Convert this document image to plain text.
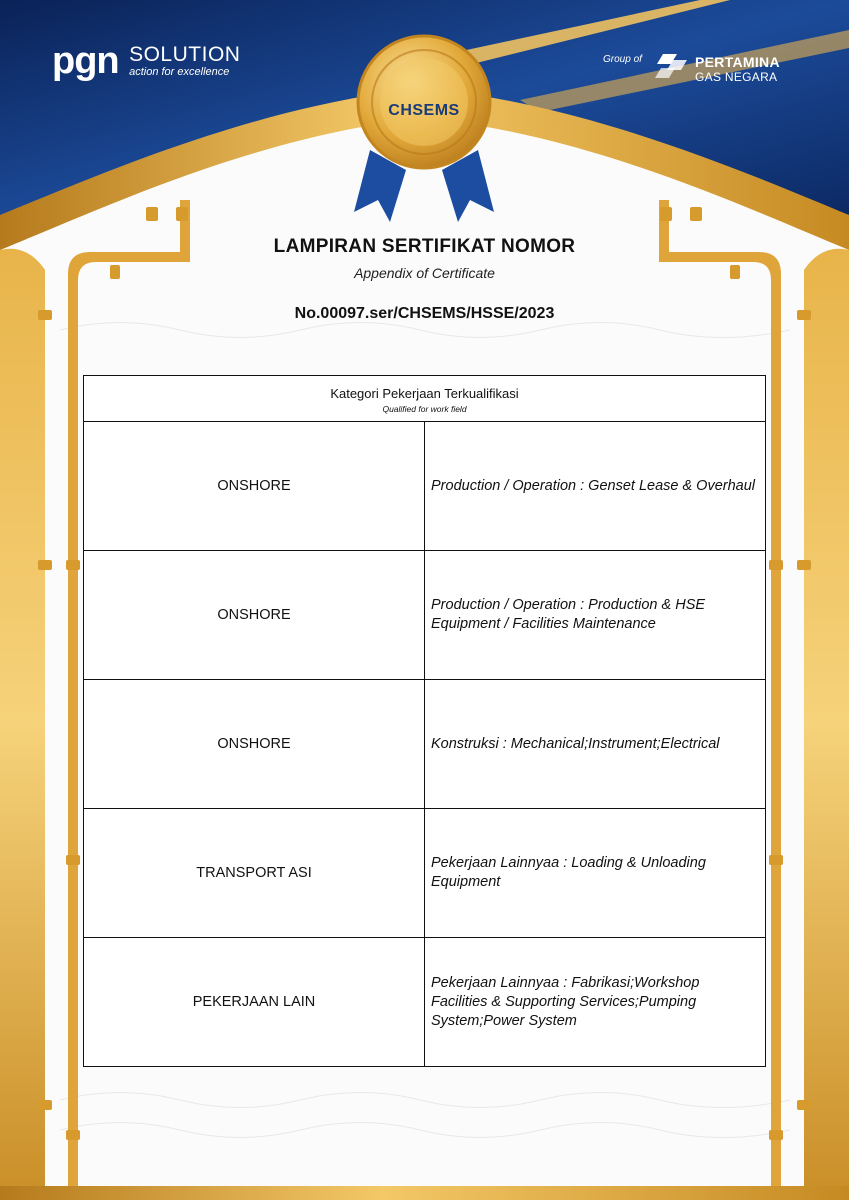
pgn SOLUTION
action for excellence
Group of	PERTAMINA
GAS NEGARA
CHSEMS
LAMPIRAN SERTIFIKAT NOMOR
Appendix of Certificate
No.00097.ser/CHSEMS/HSSE/2023
Kategori Pekerjaan Terkualifikasi
Qualified for work field	

ONSHORE	Production / Operation : Genset Lease & Overhaul
ONSHORE	Production / Operation : Production & HSE Equipment / Facilities Maintenance
ONSHORE	Konstruksi : Mechanical;Instrument;Electrical
TRANSPORT ASI	Pekerjaan Lainnyaa : Loading & Unloading Equipment
PEKERJAAN LAIN	Pekerjaan Lainnyaa : Fabrikasi;Workshop Facilities & Supporting Services;Pumping System;Power System
